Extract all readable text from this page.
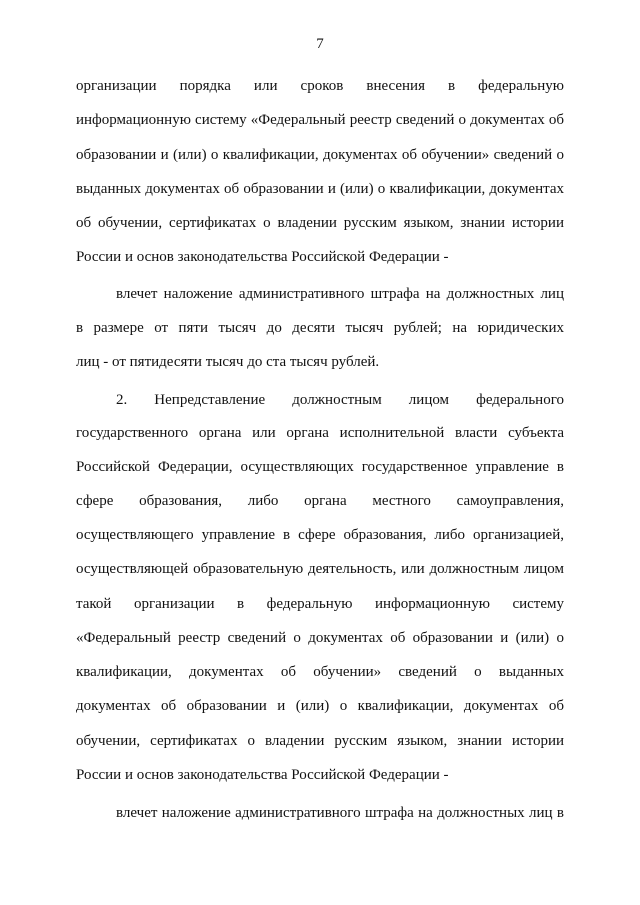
7
организации порядка или сроков внесения в федеральную
информационную систему «Федеральный реестр сведений о документах об
образовании и (или) о квалификации, документах об обучении» сведений о
выданных документах об образовании и (или) о квалификации, документах
об обучении, сертификатах о владении русским языком, знании истории
России и основ законодательства Российской Федерации -
влечет наложение административного штрафа на должностных лиц
в размере от пяти тысяч до десяти тысяч рублей; на юридических
лиц - от пятидесяти тысяч до ста тысяч рублей.
2. Непредставление должностным лицом федерального
государственного органа или органа исполнительной власти субъекта
Российской Федерации, осуществляющих государственное управление в
сфере образования, либо органа местного самоуправления,
осуществляющего управление в сфере образования, либо организацией,
осуществляющей образовательную деятельность, или должностным лицом
такой организации в федеральную информационную систему
«Федеральный реестр сведений о документах об образовании и (или) о
квалификации, документах об обучении» сведений о выданных
документах об образовании и (или) о квалификации, документах об
обучении, сертификатах о владении русским языком, знании истории
России и основ законодательства Российской Федерации -
влечет наложение административного штрафа на должностных лиц в
